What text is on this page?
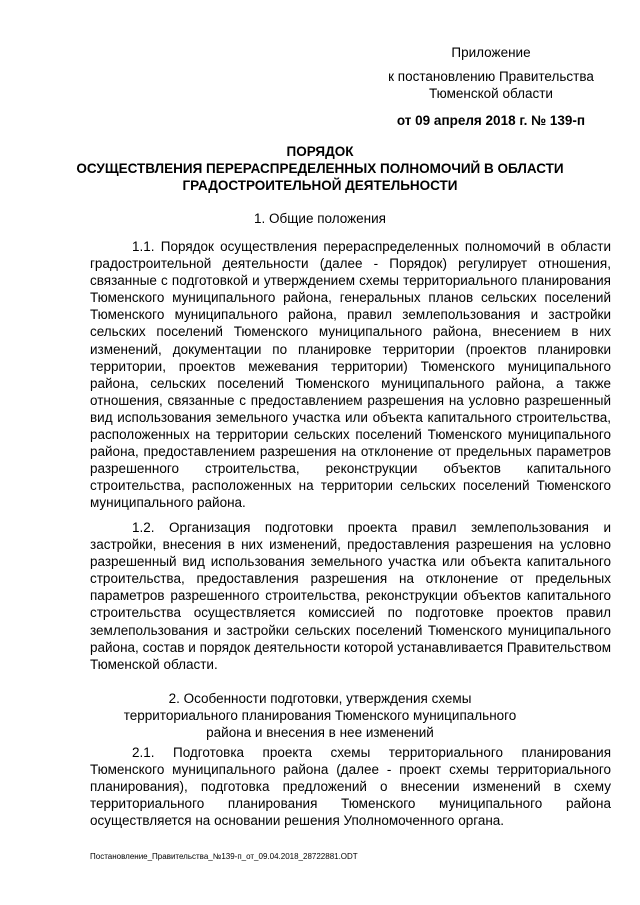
Приложение
к постановлению Правительства
Тюменской области
от 09 апреля 2018 г. № 139-п
ПОРЯДОК
ОСУЩЕСТВЛЕНИЯ ПЕРЕРАСПРЕДЕЛЕННЫХ ПОЛНОМОЧИЙ В ОБЛАСТИ
ГРАДОСТРОИТЕЛЬНОЙ ДЕЯТЕЛЬНОСТИ
1. Общие положения

1.1. Порядок осуществления перераспределенных полномочий в области градостроительной деятельности (далее - Порядок) регулирует отношения, связанные с подготовкой и утверждением схемы территориального планирования Тюменского муниципального района, генеральных планов сельских поселений Тюменского муниципального района, правил землепользования и застройки сельских поселений Тюменского муниципального района, внесением в них изменений, документации по планировке территории (проектов планировки территории, проектов межевания территории) Тюменского муниципального района, сельских поселений Тюменского муниципального района, а также отношения, связанные с предоставлением разрешения на условно разрешенный вид использования земельного участка или объекта капитального строительства, расположенных на территории сельских поселений Тюменского муниципального района, предоставлением разрешения на отклонение от предельных параметров разрешенного строительства, реконструкции объектов капитального строительства, расположенных на территории сельских поселений Тюменского муниципального района.

1.2. Организация подготовки проекта правил землепользования и застройки, внесения в них изменений, предоставления разрешения на условно разрешенный вид использования земельного участка или объекта капитального строительства, предоставления разрешения на отклонение от предельных параметров разрешенного строительства, реконструкции объектов капитального строительства осуществляется комиссией по подготовке проектов правил землепользования и застройки сельских поселений Тюменского муниципального района, состав и порядок деятельности которой устанавливается Правительством Тюменской области.

2. Особенности подготовки, утверждения схемы
территориального планирования Тюменского муниципального
района и внесения в нее изменений

2.1. Подготовка проекта схемы территориального планирования Тюменского муниципального района (далее - проект схемы территориального планирования), подготовка предложений о внесении изменений в схему территориального планирования Тюменского муниципального района осуществляется на основании решения Уполномоченного органа.

Постановление_Правительства_№139-п_от_09.04.2018_28722881.ODT
